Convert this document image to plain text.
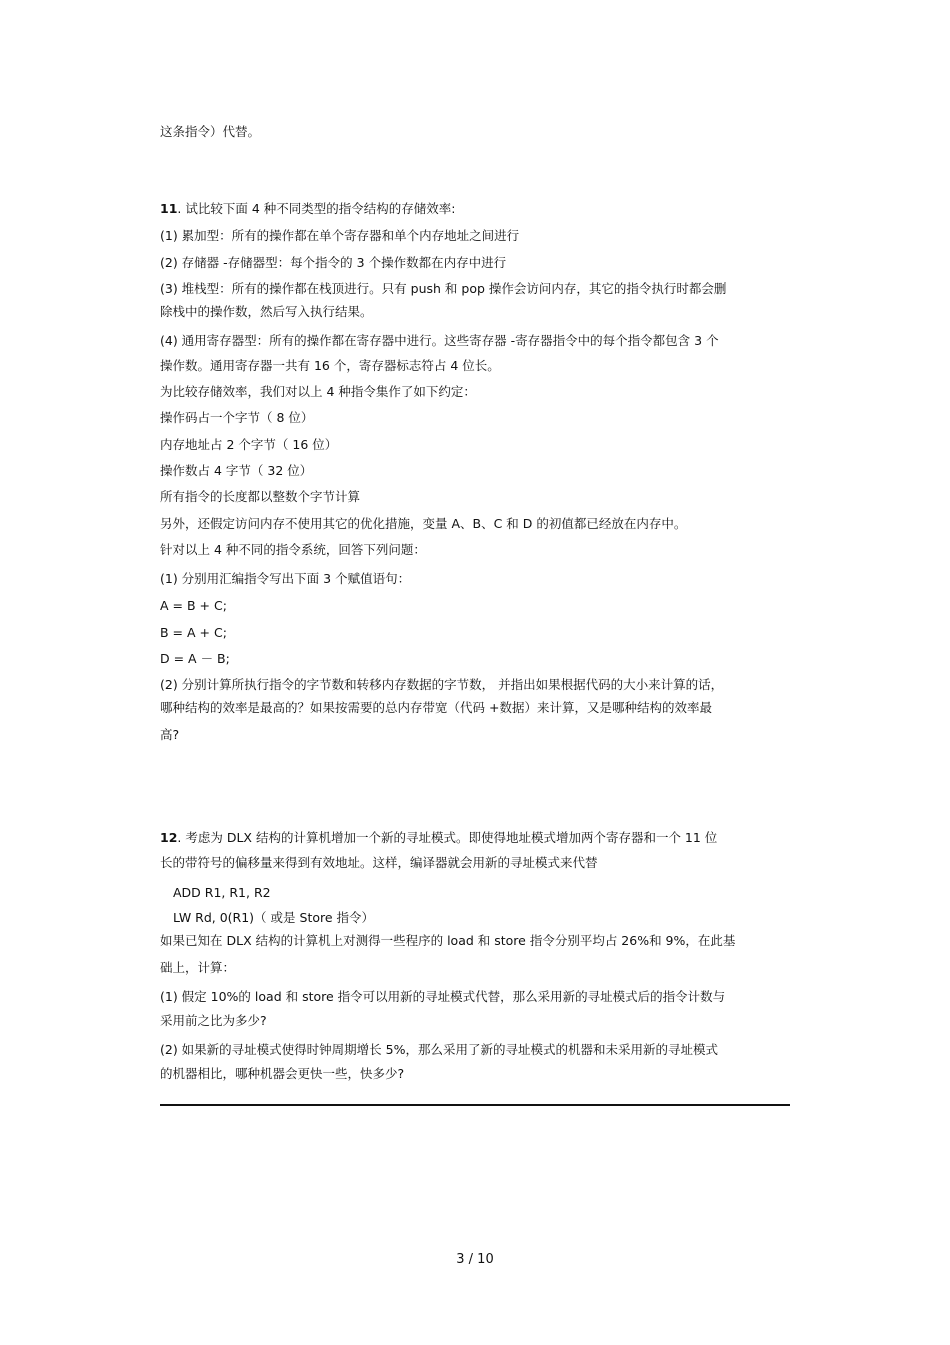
这条指令）代替。
11. 试比较下面 4 种不同类型的指令结构的存储效率:
(1) 累加型：所有的操作都在单个寄存器和单个内存地址之间进行
(2) 存储器 -存储器型：每个指令的 3 个操作数都在内存中进行
(3) 堆栈型：所有的操作都在栈顶进行。只有 push 和 pop 操作会访问内存，其它的指令执行时都会删
除栈中的操作数，然后写入执行结果。
(4) 通用寄存器型：所有的操作都在寄存器中进行。这些寄存器 -寄存器指令中的每个指令都包含 3 个
操作数。通用寄存器一共有 16 个，寄存器标志符占 4 位长。
为比较存储效率，我们对以上 4 种指令集作了如下约定：
操作码占一个字节（ 8 位）
内存地址占 2 个字节（ 16 位）
操作数占 4 字节（ 32 位）
所有指令的长度都以整数个字节计算
另外，还假定访问内存不使用其它的优化措施，变量 A、B、C 和 D 的初值都已经放在内存中。
针对以上 4 种不同的指令系统，回答下列问题：
(1) 分别用汇编指令写出下面 3 个赋值语句：
A = B + C;
B = A + C;
D = A － B;
(2) 分别计算所执行指令的字节数和转移内存数据的字节数， 并指出如果根据代码的大小来计算的话，
哪种结构的效率是最高的？如果按需要的总内存带宽（代码 +数据）来计算，又是哪种结构的效率最
高?
12. 考虑为 DLX 结构的计算机增加一个新的寻址模式。即使得地址模式增加两个寄存器和一个 11 位
长的带符号的偏移量来得到有效地址。这样，编译器就会用新的寻址模式来代替
ADD R1, R1, R2
LW Rd, 0(R1)（ 或是 Store 指令）
如果已知在 DLX 结构的计算机上对测得一些程序的 load 和 store 指令分别平均占 26%和 9%，在此基
础上，计算：
(1) 假定 10%的 load 和 store 指令可以用新的寻址模式代替，那么采用新的寻址模式后的指令计数与
采用前之比为多少?
(2) 如果新的寻址模式使得时钟周期增长 5%，那么采用了新的寻址模式的机器和未采用新的寻址模式
的机器相比，哪种机器会更快一些，快多少?
3 / 10
